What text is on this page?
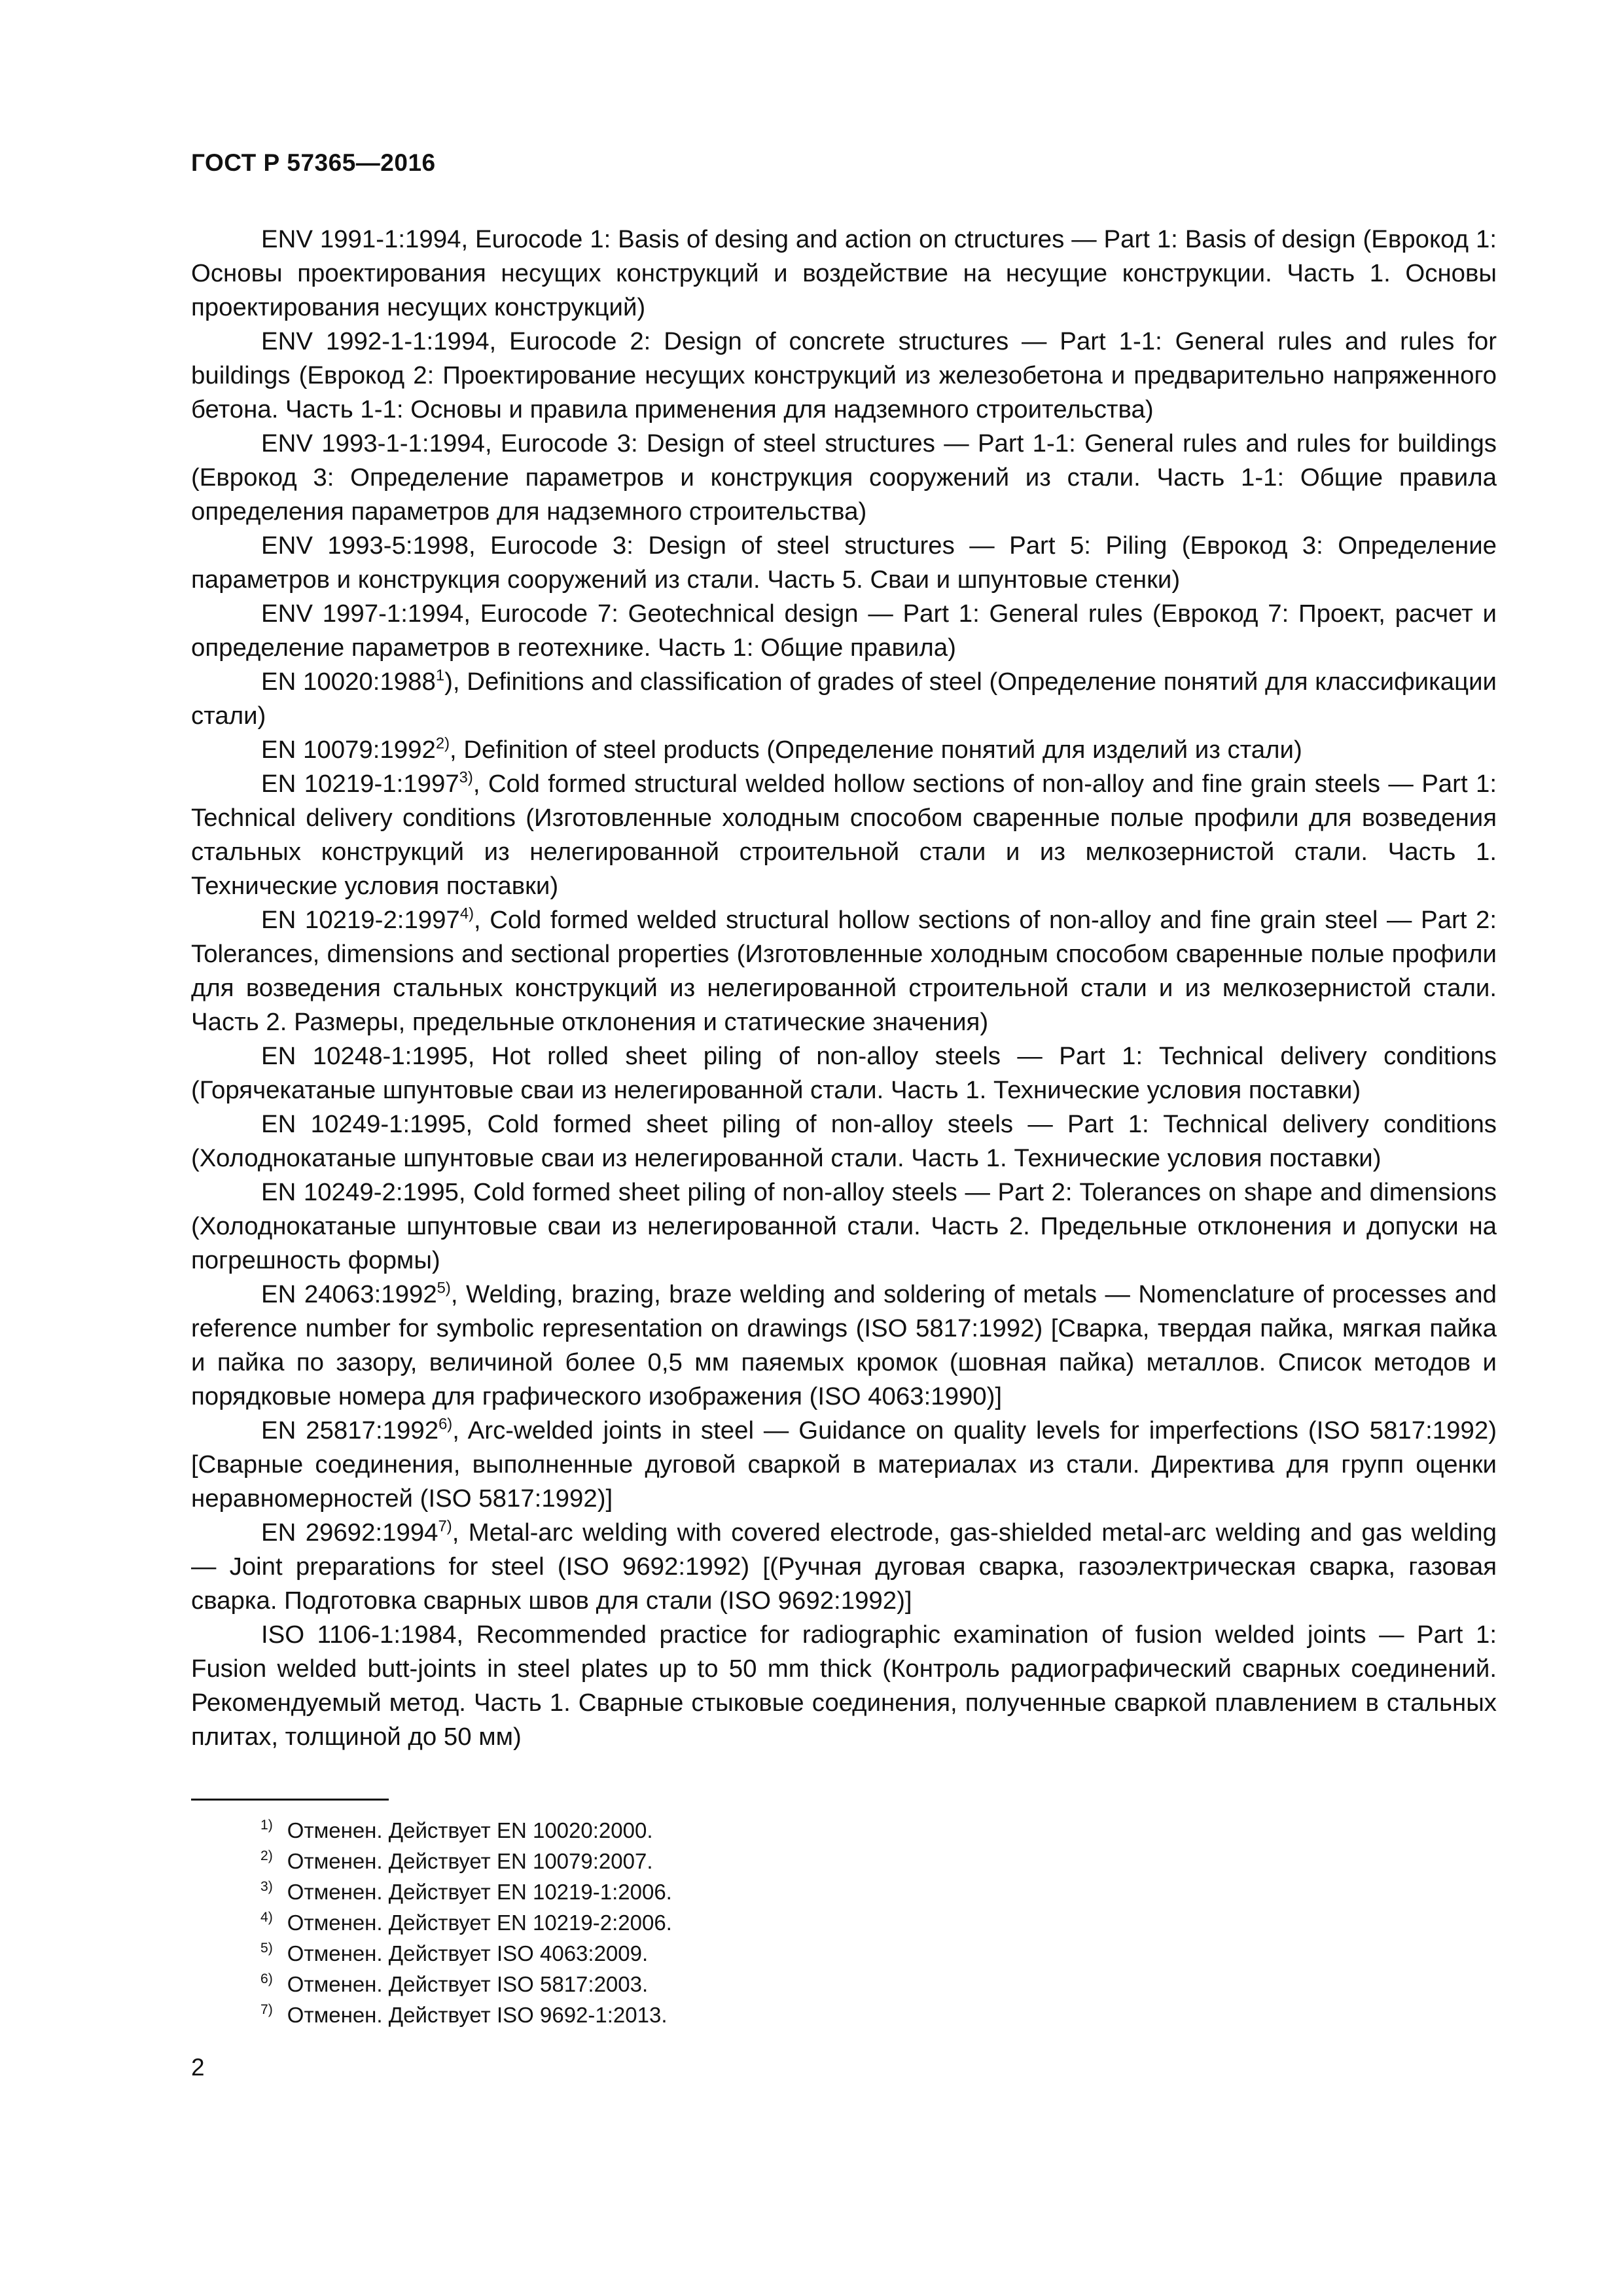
ГОСТ Р 57365—2016

ENV 1991-1:1994, Eurocode 1: Basis of desing and action on ctructures — Part 1: Basis of design (Еврокод 1: Основы проектирования несущих конструкций и воздействие на несущие конструкции. Часть 1. Основы проектирования несущих конструкций)

ENV 1992-1-1:1994, Eurocode 2: Design of concrete structures — Part 1-1: General rules and rules for buildings (Еврокод 2: Проектирование несущих конструкций из железобетона и предварительно напряженного бетона. Часть 1-1: Основы и правила применения для надземного строительства)

ENV 1993-1-1:1994, Eurocode 3: Design of steel structures — Part 1-1: General rules and rules for buildings (Еврокод 3: Определение параметров и конструкция сооружений из стали. Часть 1-1: Общие правила определения параметров для надземного строительства)

ENV 1993-5:1998, Eurocode 3: Design of steel structures — Part 5: Piling (Еврокод 3: Определение параметров и конструкция сооружений из стали. Часть 5. Сваи и шпунтовые стенки)

ENV 1997-1:1994, Eurocode 7: Geotechnical design — Part 1: General rules (Еврокод 7: Проект, расчет и определение параметров в геотехнике. Часть 1: Общие правила)

EN 10020:1988$^1$), Definitions and classification of grades of steel (Определение понятий для классификации стали)

EN 10079:1992$^{2)}$, Definition of steel products (Определение понятий для изделий из стали)

EN 10219-1:1997$^{3)}$, Cold formed structural welded hollow sections of non-alloy and fine grain steels — Part 1: Technical delivery conditions (Изготовленные холодным способом сваренные полые профили для возведения стальных конструкций из нелегированной строительной стали и из мелкозернистой стали. Часть 1. Технические условия поставки)

EN 10219-2:1997$^{4)}$, Cold formed welded structural hollow sections of non-alloy and fine grain steel — Part 2: Tolerances, dimensions and sectional properties (Изготовленные холодным способом сваренные полые профили для возведения стальных конструкций из нелегированной строительной стали и из мелкозернистой стали. Часть 2. Размеры, предельные отклонения и статические значения)

EN 10248-1:1995, Hot rolled sheet piling of non-alloy steels — Part 1: Technical delivery conditions (Горячекатаные шпунтовые сваи из нелегированной стали. Часть 1. Технические условия поставки)

EN 10249-1:1995, Cold formed sheet piling of non-alloy steels — Part 1: Technical delivery conditions (Холоднокатаные шпунтовые сваи из нелегированной стали. Часть 1. Технические условия поставки)

EN 10249-2:1995, Cold formed sheet piling of non-alloy steels — Part 2: Tolerances on shape and dimensions (Холоднокатаные шпунтовые сваи из нелегированной стали. Часть 2. Предельные отклонения и допуски на погрешность формы)

EN 24063:1992$^{5)}$, Welding, brazing, braze welding and soldering of metals — Nomenclature of processes and reference number for symbolic representation on drawings (ISO 5817:1992) [Сварка, твердая пайка, мягкая пайка и пайка по зазору, величиной более 0,5 мм паяемых кромок (шовная пайка) металлов. Список методов и порядковые номера для графического изображения (ISO 4063:1990)]

EN 25817:1992$^{6)}$, Arc-welded joints in steel — Guidance on quality levels for imperfections (ISO 5817:1992) [Сварные соединения, выполненные дуговой сваркой в материалах из стали. Директива для групп оценки неравномерностей (ISO 5817:1992)]

EN 29692:1994$^{7)}$, Metal-arc welding with covered electrode, gas-shielded metal-arc welding and gas welding — Joint preparations for steel (ISO 9692:1992) [(Ручная дуговая сварка, газоэлектрическая сварка, газовая сварка. Подготовка сварных швов для стали (ISO 9692:1992)]

ISO 1106-1:1984, Recommended practice for radiographic examination of fusion welded joints — Part 1: Fusion welded butt-joints in steel plates up to 50 mm thick (Контроль радиографический сварных соединений. Рекомендуемый метод. Часть 1. Сварные стыковые соединения, полученные сваркой плавлением в стальных плитах, толщиной до 50 мм)

$^{1)}$ Отменен. Действует EN 10020:2000.
$^{2)}$ Отменен. Действует EN 10079:2007.
$^{3)}$ Отменен. Действует EN 10219-1:2006.
$^{4)}$ Отменен. Действует EN 10219-2:2006.
$^{5)}$ Отменен. Действует ISO 4063:2009.
$^{6)}$ Отменен. Действует ISO 5817:2003.
$^{7)}$ Отменен. Действует ISO 9692-1:2013.
2
